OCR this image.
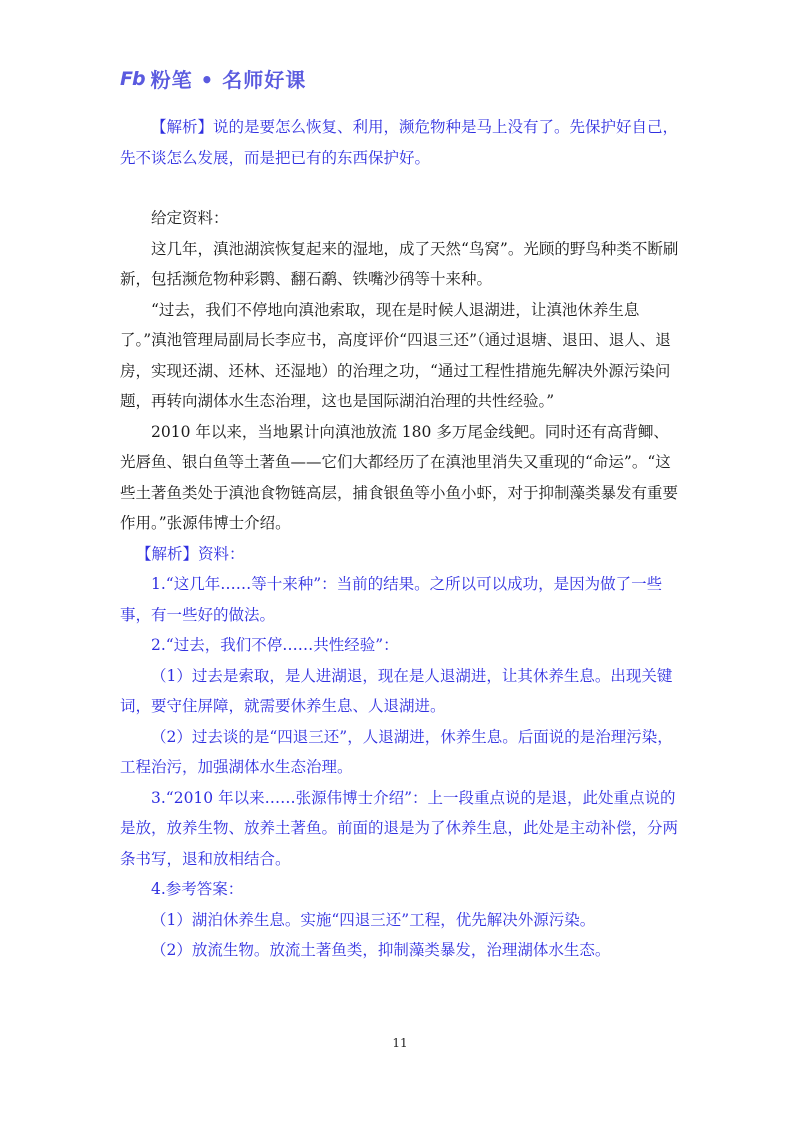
Fb 粉笔 • 名师好课

【解析】说的是要怎么恢复、利用，濒危物种是马上没有了。先保护好自己，先不谈怎么发展，而是把已有的东西保护好。

给定资料：

这几年，滇池湖滨恢复起来的湿地，成了天然“鸟窝”。光顾的野鸟种类不断刷新，包括濒危物种彩鹮、翻石鹬、铁嘴沙鸻等十来种。

“过去，我们不停地向滇池索取，现在是时候人退湖进，让滇池休养生息了。”滇池管理局副局长李应书，高度评价“四退三还”（通过退塘、退田、退人、退房，实现还湖、还林、还湿地）的治理之功，“通过工程性措施先解决外源污染问题，再转向湖体水生态治理，这也是国际湖泊治理的共性经验。”

2010 年以来，当地累计向滇池放流 180 多万尾金线鲃。同时还有高背鲫、光唇鱼、银白鱼等土著鱼——它们大都经历了在滇池里消失又重现的“命运”。“这些土著鱼类处于滇池食物链高层，捕食银鱼等小鱼小虾，对于抑制藻类暴发有重要作用。”张源伟博士介绍。

【解析】资料：

1.“这几年……等十来种”：当前的结果。之所以可以成功，是因为做了一些事，有一些好的做法。

2.“过去，我们不停……共性经验”：

（1）过去是索取，是人进湖退，现在是人退湖进，让其休养生息。出现关键词，要守住屏障，就需要休养生息、人退湖进。

（2）过去谈的是“四退三还”，人退湖进，休养生息。后面说的是治理污染，工程治污，加强湖体水生态治理。

3.“2010 年以来……张源伟博士介绍”：上一段重点说的是退，此处重点说的是放，放养生物、放养土著鱼。前面的退是为了休养生息，此处是主动补偿，分两条书写，退和放相结合。

4.参考答案：

（1）湖泊休养生息。实施“四退三还”工程，优先解决外源污染。

（2）放流生物。放流土著鱼类，抑制藻类暴发，治理湖体水生态。

11
